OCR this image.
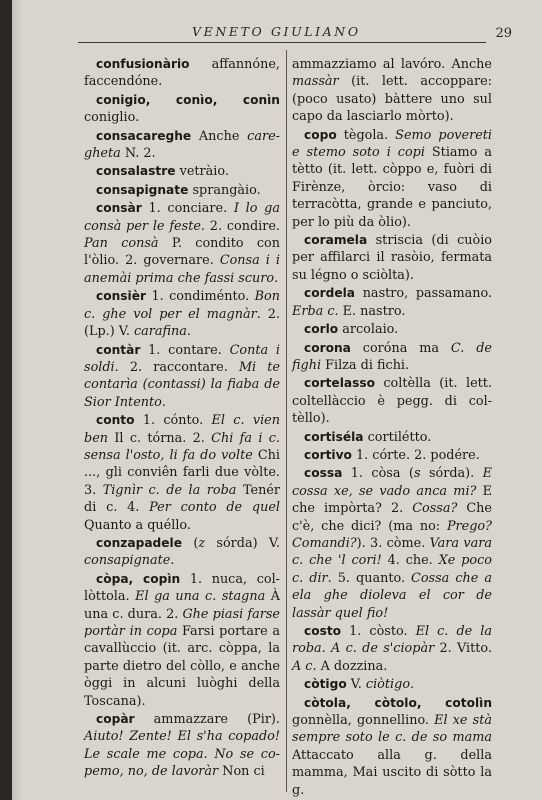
VENETO GIULIANO	29

confusionàrio affannóne, faccendóne.

conigio, conìo, conìn coniglio.

consacareghe Anche caregheta N. 2.

consalastre vetràio.

consapignate sprangàio.

consàr 1. conciare. I lo ga consà per le feste. 2. condire. Pan consà P. condito con l'òlio. 2. governare. Consa i i anemài prima che fassi scuro.

consièr 1. condiménto. Bon c. ghe vol per el magnàr. 2. (Lp.) V. carafina.

contàr 1. contare. Conta i soldi. 2. raccontare. Mi te contarìa (contassi) la fiaba de Sior Intento.

conto 1. cónto. El c. vien ben Il c. tórna. 2. Chi fa i c. sensa l'osto, li fa do volte Chi ..., gli conviên farli due vòlte. 3. Tignìr c. de la roba Tenér di c. 4. Per conto de quel Quanto a quéllo.

conzapadele (z sórda) V. consapignate.

còpa, copìn 1. nuca, collòttola. El ga una c. stagna À una c. dura. 2. Ghe piasi farse portàr in copa Farsi portare a cavallùccio (it. arc. còppa, la parte dietro del còllo, e anche òggi in alcuni luòghi della Toscana).

copàr ammazzare (Pir). Aiuto! Zente! El s'ha copado! Le scale me copa. No se copemo, no, de lavoràr Non ci

ammazziamo al lavóro. Anche massàr (it. lett. accoppare: (poco usato) bàttere uno sul capo da lasciarlo mòrto).

copo tègola. Semo povereti e stemo soto i copi Stiamo a tètto (it. lett. còppo e, fuòri di Firènze, òrcio: vaso di terracòtta, grande e panciuto, per lo più da òlio).

coramela striscia (di cuòio per affilarci il rasòio, fermata su légno o sciòlta).

cordela nastro, passamano. Erba c. E. nastro.

corlo arcolaio.

corona coróna ma C. de fighi Filza di fichi.

cortelasso coltèlla (it. lett. coltellàccio è pegg. di coltèllo).

cortiséla cortilétto.

cortivo 1. córte. 2. podére.

cossa 1. còsa (s sórda). E cossa xe, se vado anca mi? E che impòrta? 2. Cossa? Che c'è, che dici? (ma no: Prego? Comandi?). 3. còme. Vara vara c. che 'l cori! 4. che. Xe poco c. dir. 5. quanto. Cossa che a ela ghe dioleva el cor de lassàr quel fio!

costo 1. còsto. El c. de la roba. A c. de s'ciopàr 2. Vitto. A c. A dozzina.

còtigo V. ciòtigo.

còtola, còtolo, cotolìn gonnèlla, gonnellino. El xe stà sempre soto le c. de so mama Attaccato alla g. della mamma, Mai uscito di sòtto la g.
